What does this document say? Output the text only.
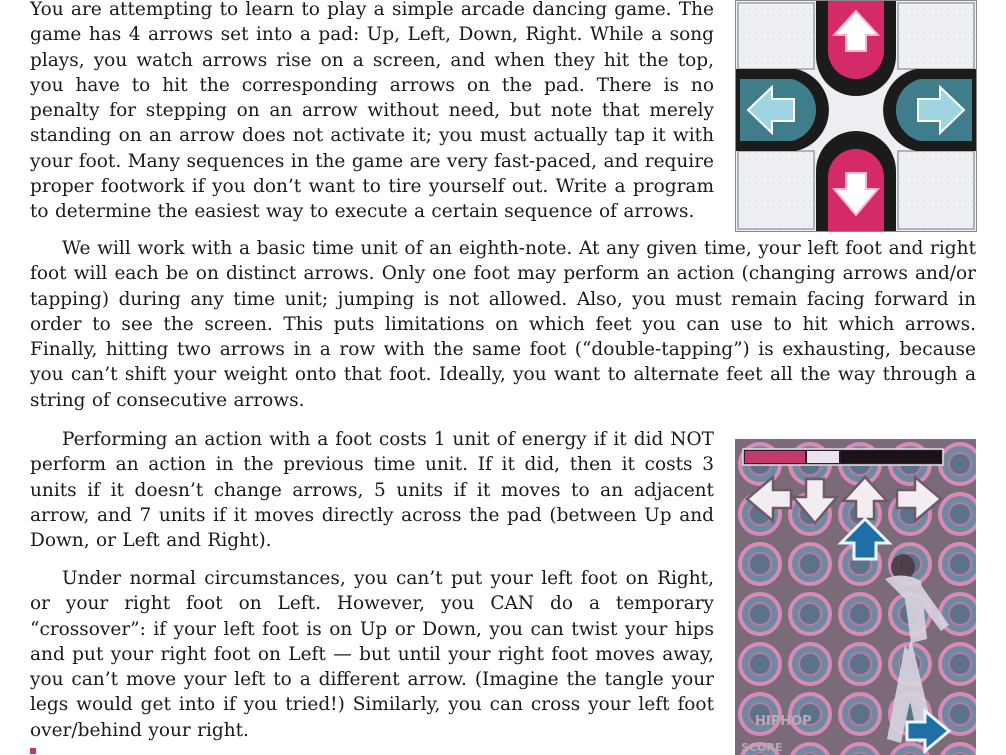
You are attempting to learn to play a simple arcade dancing game. The game has 4 arrows set into a pad: Up, Left, Down, Right. While a song plays, you watch arrows rise on a screen, and when they hit the top, you have to hit the corresponding arrows on the pad. There is no penalty for stepping on an arrow without need, but note that merely standing on an arrow does not activate it; you must actually tap it with your foot. Many sequences in the game are very fast-paced, and require proper footwork if you don’t want to tire yourself out. Write a program to determine the easiest way to execute a certain sequence of arrows.

We will work with a basic time unit of an eighth-note. At any given time, your left foot and right foot will each be on distinct arrows. Only one foot may perform an action (changing arrows and/or tapping) during any time unit; jumping is not allowed. Also, you must remain facing forward in order to see the screen. This puts limitations on which feet you can use to hit which arrows. Finally, hitting two arrows in a row with the same foot (“double-tapping”) is exhausting, because you can’t shift your weight onto that foot. Ideally, you want to alternate feet all the way through a string of consecutive arrows.

Performing an action with a foot costs 1 unit of energy if it did NOT perform an action in the previous time unit. If it did, then it costs 3 units if it doesn’t change arrows, 5 units if it moves to an adjacent arrow, and 7 units if it moves directly across the pad (between Up and Down, or Left and Right).

Under normal circumstances, you can’t put your left foot on Right, or your right foot on Left. However, you CAN do a temporary “crossover”: if your left foot is on Up or Down, you can twist your hips and put your right foot on Left — but until your right foot moves away, you can’t move your left to a different arrow. (Imagine the tangle your legs would get into if you tried!) Similarly, you can cross your left foot over/behind your right.	HIPHOP
SCORE
